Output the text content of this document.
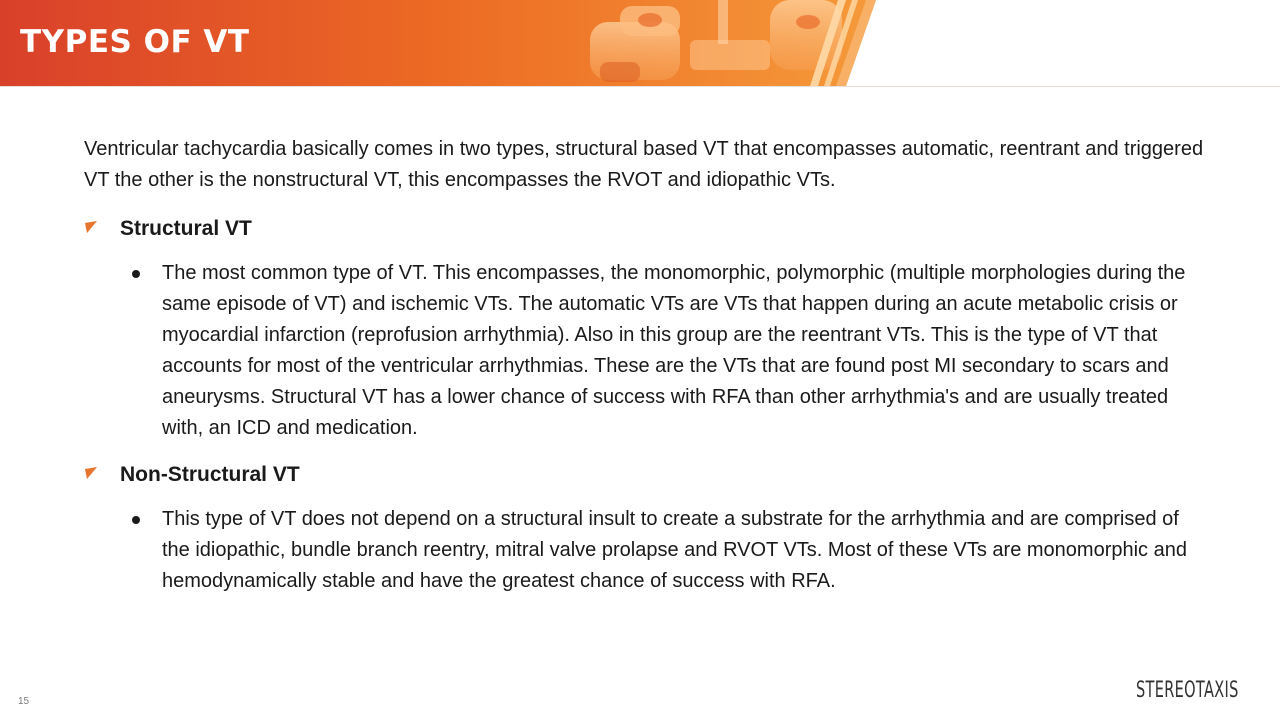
TYPES OF VT

Ventricular tachycardia basically comes in two types, structural based VT that encompasses automatic, reentrant and triggered VT the other is the nonstructural VT, this encompasses the RVOT and idiopathic VTs.

Structural VT

The most common type of VT. This encompasses, the monomorphic, polymorphic (multiple morphologies during the same episode of VT) and ischemic VTs. The automatic VTs are VTs that happen during an acute metabolic crisis or myocardial infarction (reprofusion arrhythmia). Also in this group are the reentrant VTs. This is the type of VT that accounts for most of the ventricular arrhythmias. These are the VTs that are found post MI secondary to scars and aneurysms. Structural VT has a lower chance of success with RFA than other arrhythmia's and are usually treated with, an ICD and medication.

Non-Structural VT

This type of VT does not depend on a structural insult to create a substrate for the arrhythmia and are comprised of the idiopathic, bundle branch reentry, mitral valve prolapse and RVOT VTs. Most of these VTs are monomorphic and hemodynamically stable and have the greatest chance of success with RFA.

15	STEREOTAXIS
